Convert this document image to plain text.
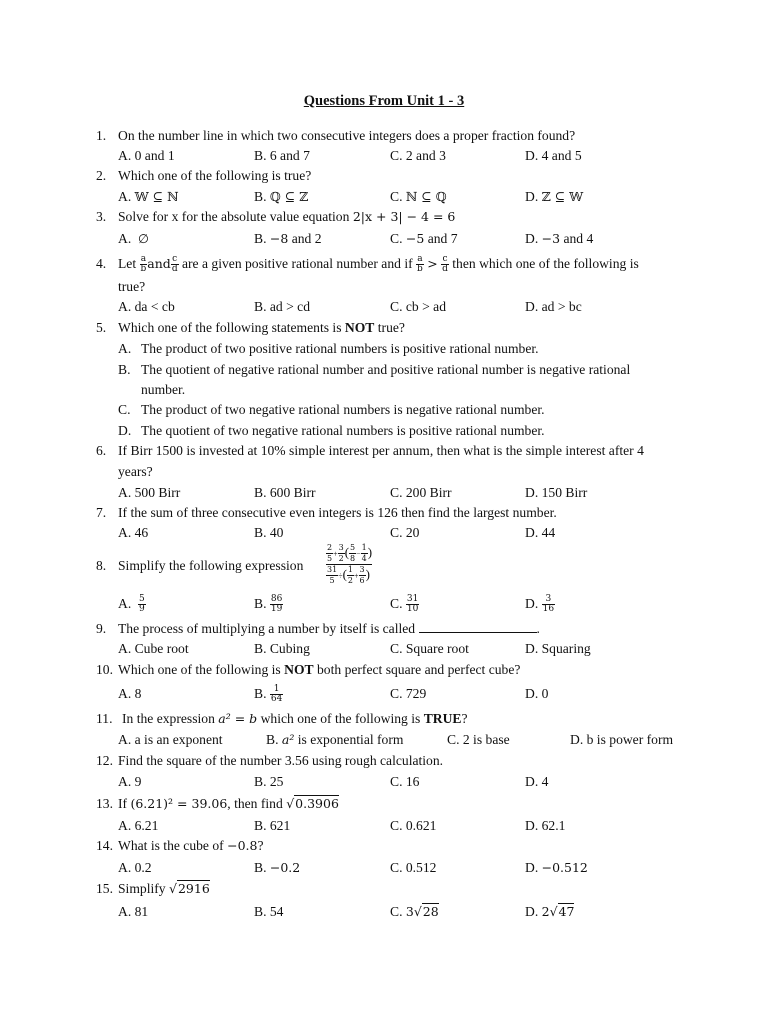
Questions From Unit 1 - 3
1. On the number line in which two consecutive integers does a proper fraction found?
A. 0 and 1	B. 6 and 7	C. 2 and 3	D. 4 and 5
2. Which one of the following is true?
A. 𝕎 ⊆ ℕ	B. ℚ ⊆ ℤ	C. ℕ ⊆ ℚ	D. ℤ ⊆ 𝕎
3. Solve for x for the absolute value equation 2|x + 3| − 4 = 6
A. ∅	B. −8 and 2	C. −5 and 7	D. −3 and 4
4. Let $\frac{a}{b}$ and $\frac{c}{d}$ are a given positive rational number and if $\frac{a}{b} > \frac{c}{d}$ then which one of the following is
true?
A. da < cb	B. ad > cd	C. cb > ad	D. ad > bc
5. Which one of the following statements is NOT true?
A. The product of two positive rational numbers is positive rational number.
B. The quotient of negative rational number and positive rational number is negative rational
number.
C. The product of two negative rational numbers is negative rational number.
D. The quotient of two negative rational numbers is positive rational number.
6. If Birr 1500 is invested at 10% simple interest per annum, then what is the simple interest after 4
years?
A. 500 Birr	B. 600 Birr	C. 200 Birr	D. 150 Birr
7. If the sum of three consecutive even integers is 126 then find the largest number.
A. 46	B. 40	C. 20	D. 44
8. Simplify the following expression	$\frac{\frac{2}{5} + \frac{3}{2} ( \frac{5}{8} - \frac{1}{4} )}{\frac{31}{5} \div( \frac{1}{2} + \frac{3}{6} )}$
A. $\frac{5}{9}$	B. $\frac{86}{19}$	C. $\frac{31}{10}$	D. $\frac{3}{16}$
9. The process of multiplying a number by itself is called	.
A. Cube root	B. Cubing	C. Square root	D. Squaring
10. Which one of the following is NOT both perfect square and perfect cube?
A. 8	B. $\frac{1}{64}$	C. 729	D. 0
11. In the expression a² = b which one of the following is TRUE?
A. a is an exponent	B. a² is exponential form	C. 2 is base	D. b is power form
12. Find the square of the number 3.56 using rough calculation.
A. 9	B. 25	C. 16	D. 4
13. If (6.21)² = 39.06, then find √0.3906
A. 6.21	B. 621	C. 0.621	D. 62.1
14. What is the cube of −0.8?
A. 0.2	B. −0.2	C. 0.512	D. −0.512
15. Simplify √2916
A. 81	B. 54	C. 3√28	D. 2√47
